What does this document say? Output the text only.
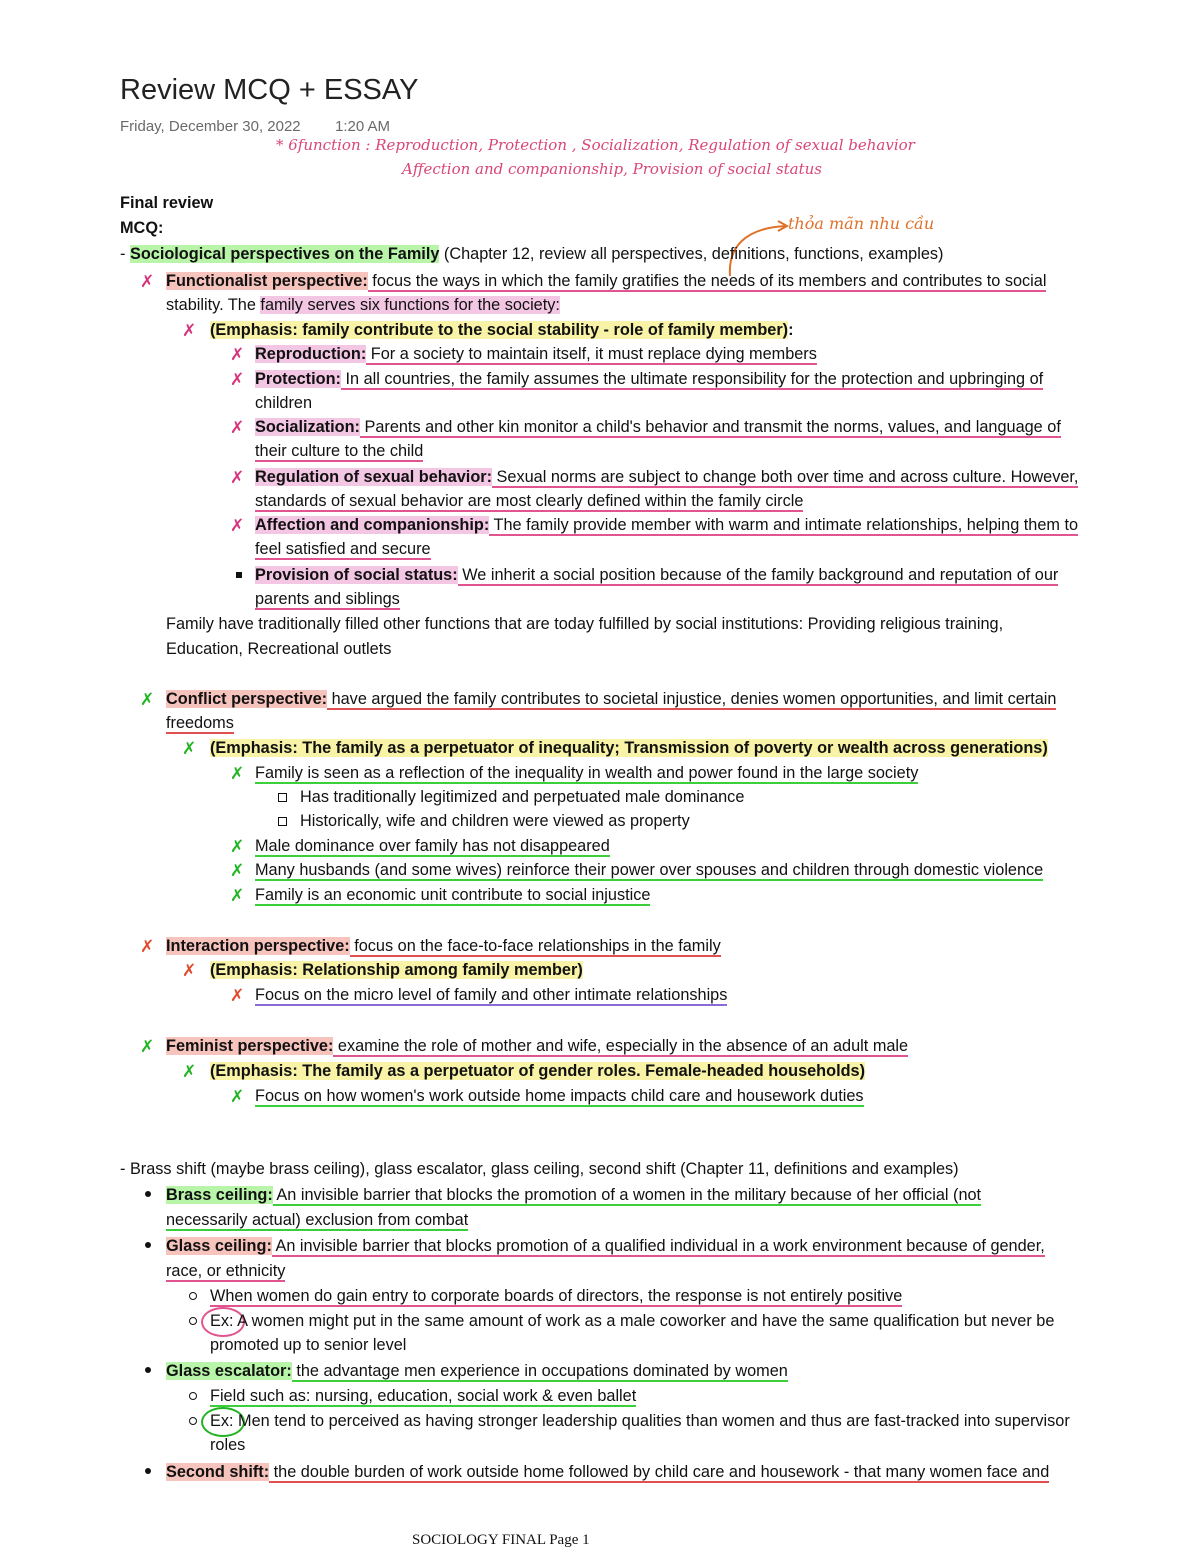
Review MCQ + ESSAY
Friday, December 30, 2022 1:20 AM
* 6function : Reproduction, Protection , Socialization, Regulation of sexual behavior
Affection and companionship, Provision of social status
thỏa mãn nhu cầu
Final review
MCQ:
- Sociological perspectives on the Family (Chapter 12, review all perspectives, definitions, functions, examples)
✗ Functionalist perspective: focus the ways in which the family gratifies the needs of its members and contributes to social
stability. The family serves six functions for the society:
✗ (Emphasis: family contribute to the social stability - role of family member):
✗ Reproduction: For a society to maintain itself, it must replace dying members
✗ Protection: In all countries, the family assumes the ultimate responsibility for the protection and upbringing of
children
✗ Socialization: Parents and other kin monitor a child's behavior and transmit the norms, values, and language of
their culture to the child
✗ Regulation of sexual behavior: Sexual norms are subject to change both over time and across culture. However,
standards of sexual behavior are most clearly defined within the family circle
✗ Affection and companionship: The family provide member with warm and intimate relationships, helping them to
feel satisfied and secure
Provision of social status: We inherit a social position because of the family background and reputation of our
parents and siblings
Family have traditionally filled other functions that are today fulfilled by social institutions: Providing religious training,
Education, Recreational outlets
✗ Conflict perspective: have argued the family contributes to societal injustice, denies women opportunities, and limit certain
freedoms
✗ (Emphasis: The family as a perpetuator of inequality; Transmission of poverty or wealth across generations)
✗ Family is seen as a reflection of the inequality in wealth and power found in the large society
Has traditionally legitimized and perpetuated male dominance
Historically, wife and children were viewed as property
✗ Male dominance over family has not disappeared
✗ Many husbands (and some wives) reinforce their power over spouses and children through domestic violence
✗ Family is an economic unit contribute to social injustice
✗ Interaction perspective: focus on the face-to-face relationships in the family
✗ (Emphasis: Relationship among family member)
✗ Focus on the micro level of family and other intimate relationships
✗ Feminist perspective: examine the role of mother and wife, especially in the absence of an adult male
✗ (Emphasis: The family as a perpetuator of gender roles. Female-headed households)
✗ Focus on how women's work outside home impacts child care and housework duties
- Brass shift (maybe brass ceiling), glass escalator, glass ceiling, second shift (Chapter 11, definitions and examples)
Brass ceiling: An invisible barrier that blocks the promotion of a women in the military because of her official (not
necessarily actual) exclusion from combat
Glass ceiling: An invisible barrier that blocks promotion of a qualified individual in a work environment because of gender,
race, or ethnicity
When women do gain entry to corporate boards of directors, the response is not entirely positive
Ex: A women might put in the same amount of work as a male coworker and have the same qualification but never be
promoted up to senior level
Glass escalator: the advantage men experience in occupations dominated by women
Field such as: nursing, education, social work & even ballet
Ex: Men tend to perceived as having stronger leadership qualities than women and thus are fast-tracked into supervisor
roles
Second shift: the double burden of work outside home followed by child care and housework - that many women face and
SOCIOLOGY FINAL Page 1
